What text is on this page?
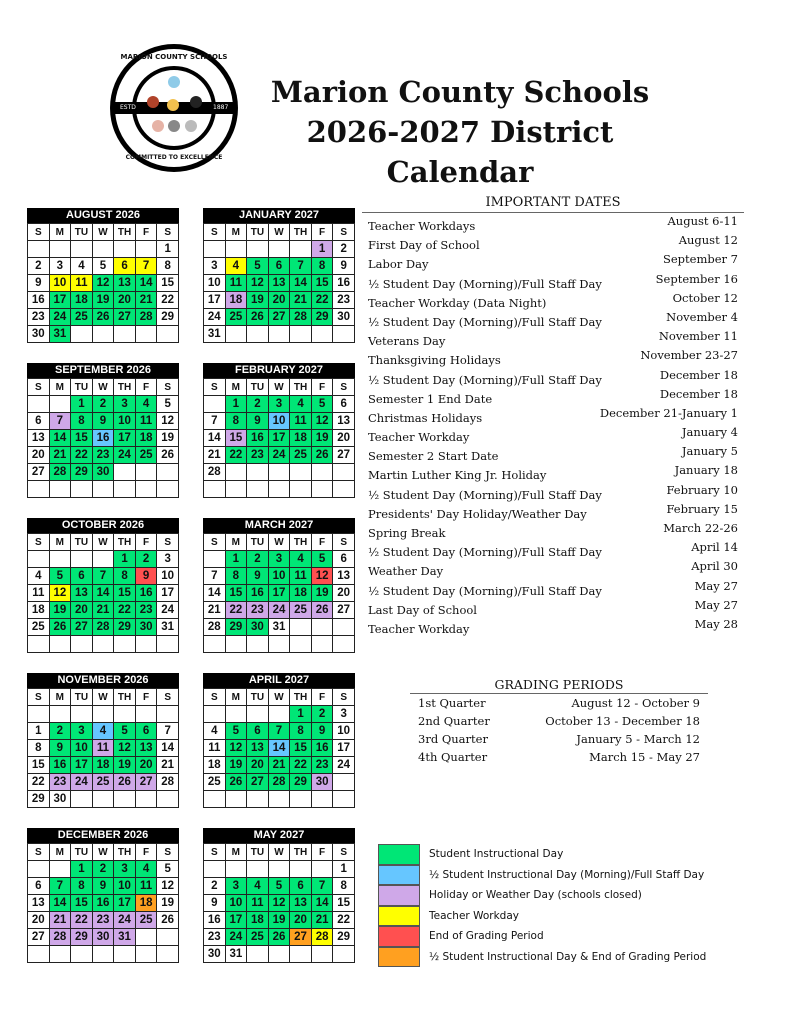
MARION COUNTY SCHOOLS
ESTD	1887
COMMITTED TO EXCELLENCE
Marion County Schools
2026-2027 District Calendar
AUGUST 2026
S	M	TU	W	TH	F	S
						1
2	3	4	5	6	7	8
9	10	11	12	13	14	15
16	17	18	19	20	21	22
23	24	25	26	27	28	29
30	31					
JANUARY 2027
S	M	TU	W	TH	F	S
					1	2
3	4	5	6	7	8	9
10	11	12	13	14	15	16
17	18	19	20	21	22	23
24	25	26	27	28	29	30
31						
SEPTEMBER 2026
S	M	TU	W	TH	F	S
		1	2	3	4	5
6	7	8	9	10	11	12
13	14	15	16	17	18	19
20	21	22	23	24	25	26
27	28	29	30			

FEBRUARY 2027
S	M	TU	W	TH	F	S
	1	2	3	4	5	6
7	8	9	10	11	12	13
14	15	16	17	18	19	20
21	22	23	24	25	26	27
28						

OCTOBER 2026
S	M	TU	W	TH	F	S
				1	2	3
4	5	6	7	8	9	10
11	12	13	14	15	16	17
18	19	20	21	22	23	24
25	26	27	28	29	30	31

MARCH 2027
S	M	TU	W	TH	F	S
	1	2	3	4	5	6
7	8	9	10	11	12	13
14	15	16	17	18	19	20
21	22	23	24	25	26	27
28	29	30	31			

NOVEMBER 2026
S	M	TU	W	TH	F	S

1	2	3	4	5	6	7
8	9	10	11	12	13	14
15	16	17	18	19	20	21
22	23	24	25	26	27	28
29	30					
APRIL 2027
S	M	TU	W	TH	F	S
				1	2	3
4	5	6	7	8	9	10
11	12	13	14	15	16	17
18	19	20	21	22	23	24
25	26	27	28	29	30	

DECEMBER 2026
S	M	TU	W	TH	F	S
		1	2	3	4	5
6	7	8	9	10	11	12
13	14	15	16	17	18	19
20	21	22	23	24	25	26
27	28	29	30	31		

MAY 2027
S	M	TU	W	TH	F	S
						1
2	3	4	5	6	7	8
9	10	11	12	13	14	15
16	17	18	19	20	21	22
23	24	25	26	27	28	29
30	31					
IMPORTANT DATES
Teacher Workdays	August 6-11
First Day of School	August 12
Labor Day	September 7
½ Student Day (Morning)/Full Staff Day	September 16
Teacher Workday (Data Night)	October 12
½ Student Day (Morning)/Full Staff Day	November 4
Veterans Day	November 11
Thanksgiving Holidays	November 23-27
½ Student Day (Morning)/Full Staff Day	December 18
Semester 1 End Date	December 18
Christmas Holidays	December 21-January 1
Teacher Workday	January 4
Semester 2 Start Date	January 5
Martin Luther King Jr. Holiday	January 18
½ Student Day (Morning)/Full Staff Day	February 10
Presidents' Day Holiday/Weather Day	February 15
Spring Break	March 22-26
½ Student Day (Morning)/Full Staff Day	April 14
Weather Day	April 30
½ Student Day (Morning)/Full Staff Day	May 27
Last Day of School	May 27
Teacher Workday	May 28
GRADING PERIODS
1st Quarter	August 12 - October 9
2nd Quarter	October 13 - December 18
3rd Quarter	January 5 - March 12
4th Quarter	March 15 - May 27
Student Instructional Day
½ Student Instructional Day (Morning)/Full Staff Day
Holiday or Weather Day (schools closed)
Teacher Workday
End of Grading Period
½ Student Instructional Day & End of Grading Period
